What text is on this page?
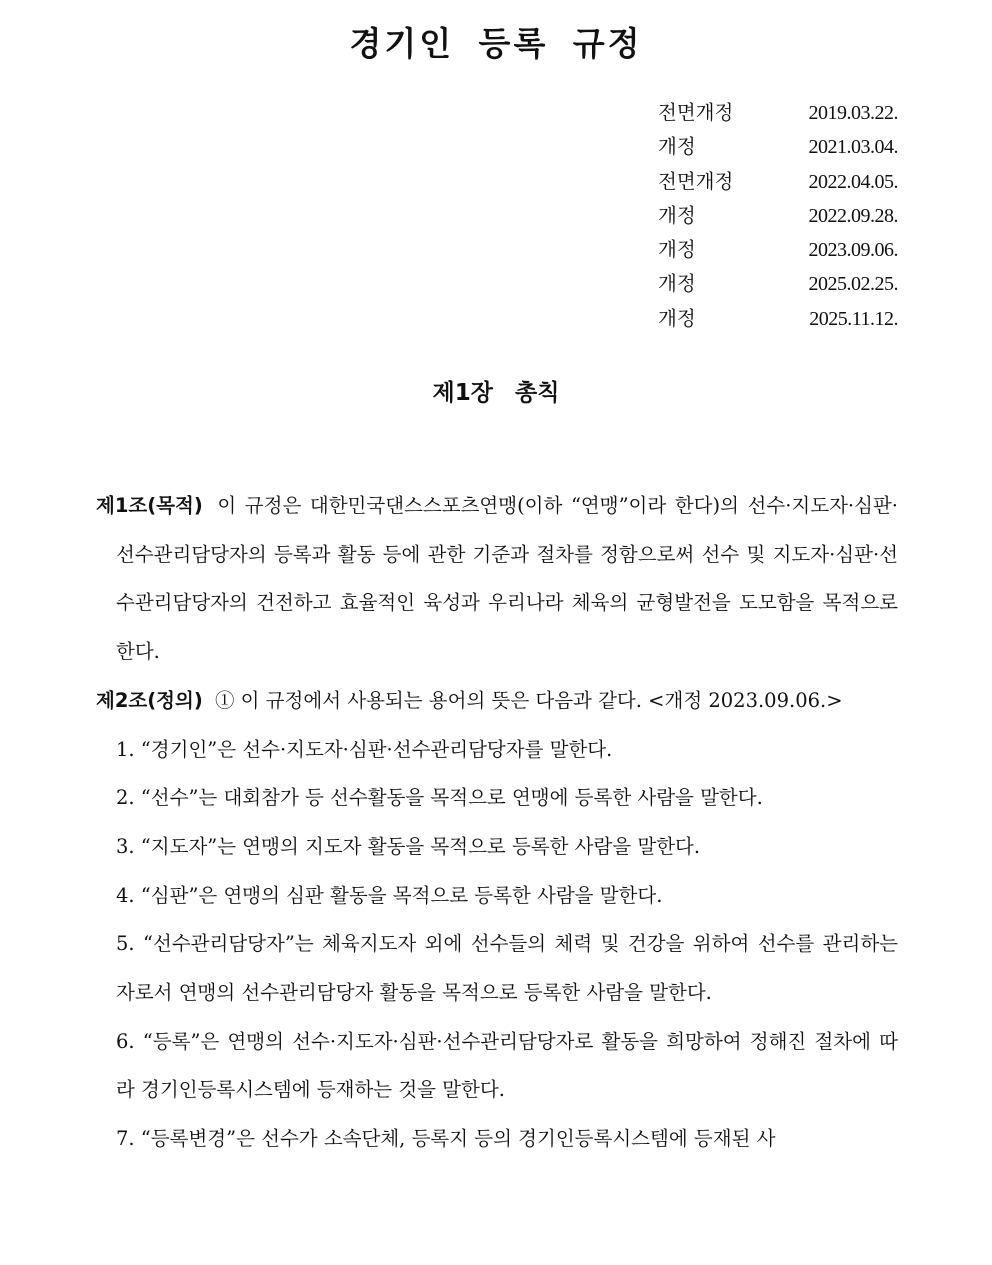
경기인 등록 규정
전면개정	2019.03.22.
개정	2021.03.04.
전면개정	2022.04.05.
개정	2022.09.28.
개정	2023.09.06.
개정	2025.02.25.
개정	2025.11.12.
제1장 총칙

제1조(목적) 이 규정은 대한민국댄스스포츠연맹(이하 “연맹”이라 한다)의 선수·지도자·심판·선수관리담당자의 등록과 활동 등에 관한 기준과 절차를 정함으로써 선수 및 지도자·심판·선수관리담당자의 건전하고 효율적인 육성과 우리나라 체육의 균형발전을 도모함을 목적으로 한다.

제2조(정의) ① 이 규정에서 사용되는 용어의 뜻은 다음과 같다. <개정 2023.09.06.>

1. “경기인”은 선수·지도자·심판·선수관리담당자를 말한다.

2. “선수”는 대회참가 등 선수활동을 목적으로 연맹에 등록한 사람을 말한다.

3. “지도자”는 연맹의 지도자 활동을 목적으로 등록한 사람을 말한다.

4. “심판”은 연맹의 심판 활동을 목적으로 등록한 사람을 말한다.

5. “선수관리담당자”는 체육지도자 외에 선수들의 체력 및 건강을 위하여 선수를 관리하는 자로서 연맹의 선수관리담당자 활동을 목적으로 등록한 사람을 말한다.

6. “등록”은 연맹의 선수·지도자·심판·선수관리담당자로 활동을 희망하여 정해진 절차에 따라 경기인등록시스템에 등재하는 것을 말한다.

7. “등록변경”은 선수가 소속단체, 등록지 등의 경기인등록시스템에 등재된 사
